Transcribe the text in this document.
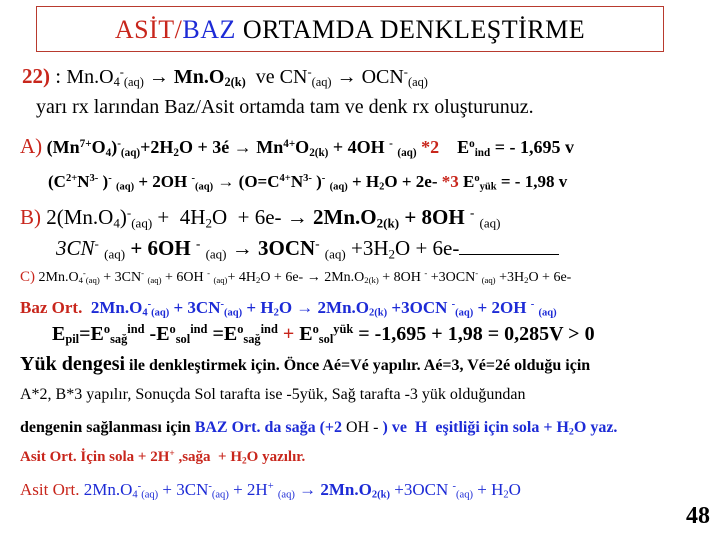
ASİT/BAZ ORTAMDA DENKLEŞTİRME
22) : $Mn.O_4^-_{(aq)} \to Mn.O_{2(k)}$  ve $CN^-_{(aq)} \to OCN^-_{(aq)}$
yarı rx larından Baz/Asit ortamda tam ve denk rx oluşturunuz.
A) $(Mn^{7+}O_4)^-_{(aq)}+2H_2O$ + 3é → $Mn^{4+}O_{2(k)} + 4OH$ - $_{(aq)}$ *2    $E^o_{ind}$ = - 1,695 v
($C^{2+}N^{3-}$ )- $_{(aq)}$ + 2OH $^-_{(aq)} \to (O=C^{4+}N^{3-}$ )- $_{(aq)} + H_2O + 2e-$ *3 $E^o_{yük}$ = - 1,98 v
B) $2(Mn.O_4)^-_{(aq)} + 4H_2O + 6e- \to 2Mn.O_{2(k)} + 8OH$ - $_{(aq)}$
3CN- $_{(aq)}$ + 6OH - $_{(aq)}$ → 3OCN- $_{(aq)} +3H_2O + 6e-$
C) $2Mn.O_4^-_{(aq)} + 3CN^-$ $_{(aq)}$ + 6OH - $_{(aq)}+ 4H_2O + 6e- \to 2Mn.O_{2(k)} + 8OH$ - +3OCN- $_{(aq)} +3H_2O + 6e-$
Baz Ort. $2Mn.O_4^-_{(aq)} + 3CN^-_{(aq)} + H_2O \to 2Mn.O_{2(k)} +3OCN$ -$_{(aq)}$ + 2OH - $_{(aq)}$
$E_{pil}=E^o_{sağ}^{ind}$ $-E^o_{sol}^{ind} =E^o_{sağ}^{ind} + E^o_{sol}^{yük} = -1,695 + 1,98 = 0,285V > 0$
Yük dengesi ile denkleştirmek için. Önce Aé=Vé yapılır. Aé=3, Vé=2é olduğu için
A*2, B*3 yapılır, Sonuçda Sol tarafta ise -5yük, Sağ tarafta -3 yük olduğundan
dengenin sağlanması için BAZ Ort. da sağa (+2 OH - ) ve  H  eşitliği için sola + $H_2O$ yaz.
Asit Ort. İçin sola + 2H+ ,sağa  + $H_2O$ yazılır.
Asit Ort. $2Mn.O_4^-_{(aq)} + 3CN^-_{(aq)} + 2H^+$ $_{(aq)} \to 2Mn.O_{2(k)} +3OCN$ $^-_{(aq)} + H_2O$
48
